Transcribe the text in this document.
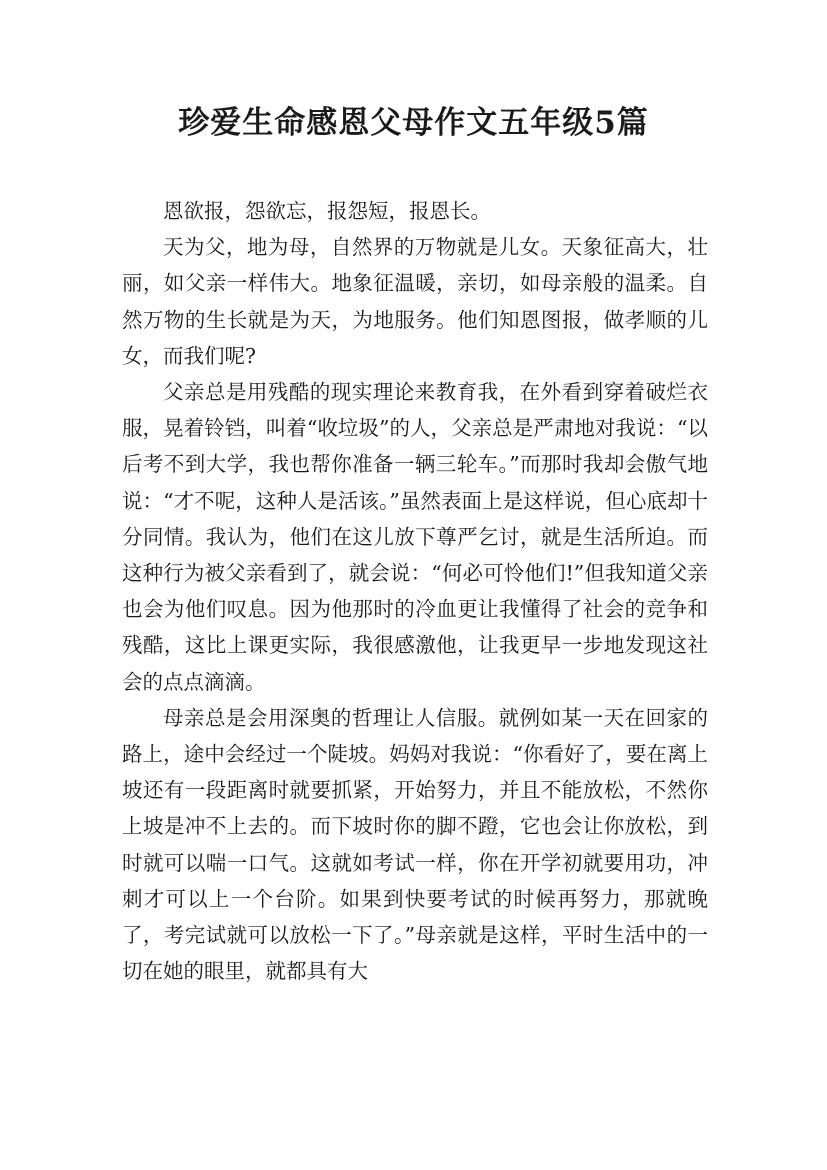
珍爱生命感恩父母作文五年级5篇

恩欲报，怨欲忘，报怨短，报恩长。

天为父，地为母，自然界的万物就是儿女。天象征高大，壮丽，如父亲一样伟大。地象征温暖，亲切，如母亲般的温柔。自然万物的生长就是为天，为地服务。他们知恩图报，做孝顺的儿女，而我们呢?

父亲总是用残酷的现实理论来教育我，在外看到穿着破烂衣服，晃着铃铛，叫着“收垃圾”的人，父亲总是严肃地对我说：“以后考不到大学，我也帮你准备一辆三轮车。”而那时我却会傲气地说：“才不呢，这种人是活该。”虽然表面上是这样说，但心底却十分同情。我认为，他们在这儿放下尊严乞讨，就是生活所迫。而这种行为被父亲看到了，就会说：“何必可怜他们!”但我知道父亲也会为他们叹息。因为他那时的冷血更让我懂得了社会的竞争和残酷，这比上课更实际，我很感激他，让我更早一步地发现这社会的点点滴滴。

母亲总是会用深奥的哲理让人信服。就例如某一天在回家的路上，途中会经过一个陡坡。妈妈对我说：“你看好了，要在离上坡还有一段距离时就要抓紧，开始努力，并且不能放松，不然你上坡是冲不上去的。而下坡时你的脚不蹬，它也会让你放松，到时就可以喘一口气。这就如考试一样，你在开学初就要用功，冲刺才可以上一个台阶。如果到快要考试的时候再努力，那就晚了，考完试就可以放松一下了。”母亲就是这样，平时生活中的一切在她的眼里，就都具有大
